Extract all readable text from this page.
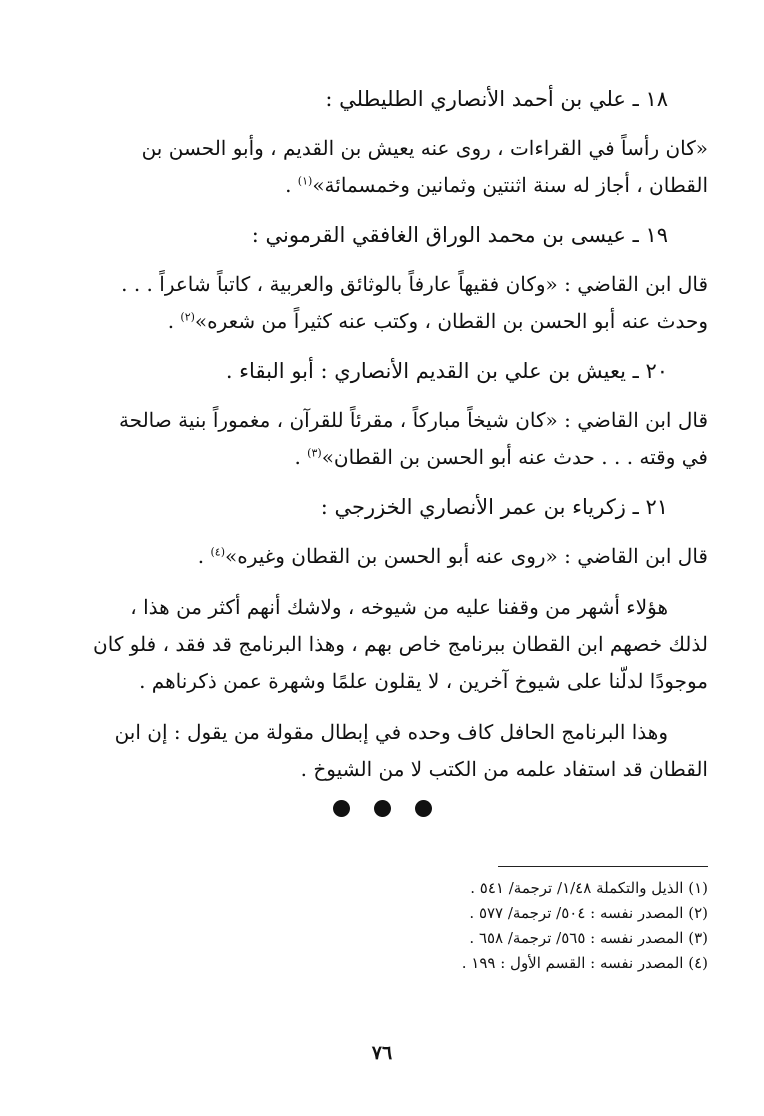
١٨ ـ علي بن أحمد الأنصاري الطليطلي :
«كان رأساً في القراءات ، روى عنه يعيش بن القديم ، وأبو الحسن بن
القطان ، أجاز له سنة اثنتين وثمانين وخمسمائة»$^{(١)}$ .
١٩ ـ عيسى بن محمد الوراق الغافقي القرموني :
قال ابن القاضي : «وكان فقيهاً عارفاً بالوثائق والعربية ، كاتباً شاعراً . . .
وحدث عنه أبو الحسن بن القطان ، وكتب عنه كثيراً من شعره»$^{(٢)}$ .
٢٠ ـ يعيش بن علي بن القديم الأنصاري : أبو البقاء .
قال ابن القاضي : «كان شيخاً مباركاً ، مقرئاً للقرآن ، مغموراً بنية صالحة
في وقته . . . حدث عنه أبو الحسن بن القطان»$^{(٣)}$ .
٢١ ـ زكرياء بن عمر الأنصاري الخزرجي :
قال ابن القاضي : «روى عنه أبو الحسن بن القطان وغيره»$^{(٤)}$ .
هؤلاء أشهر من وقفنا عليه من شيوخه ، ولاشك أنهم أكثر من هذا ،
لذلك خصهم ابن القطان ببرنامج خاص بهم ، وهذا البرنامج قد فقد ، فلو كان
موجودًا لدلّنا على شيوخ آخرين ، لا يقلون علمًا وشهرة عمن ذكرناهم .
وهذا البرنامج الحافل كاف وحده في إبطال مقولة من يقول : إن ابن
القطان قد استفاد علمه من الكتب لا من الشيوخ .
(١) الذيل والتكملة ١/٤٨/ ترجمة/ ٥٤١ .
(٢) المصدر نفسه : ٥٠٤/ ترجمة/ ٥٧٧ .
(٣) المصدر نفسه : ٥٦٥/ ترجمة/ ٦٥٨ .
(٤) المصدر نفسه : القسم الأول : ١٩٩ .
٧٦
